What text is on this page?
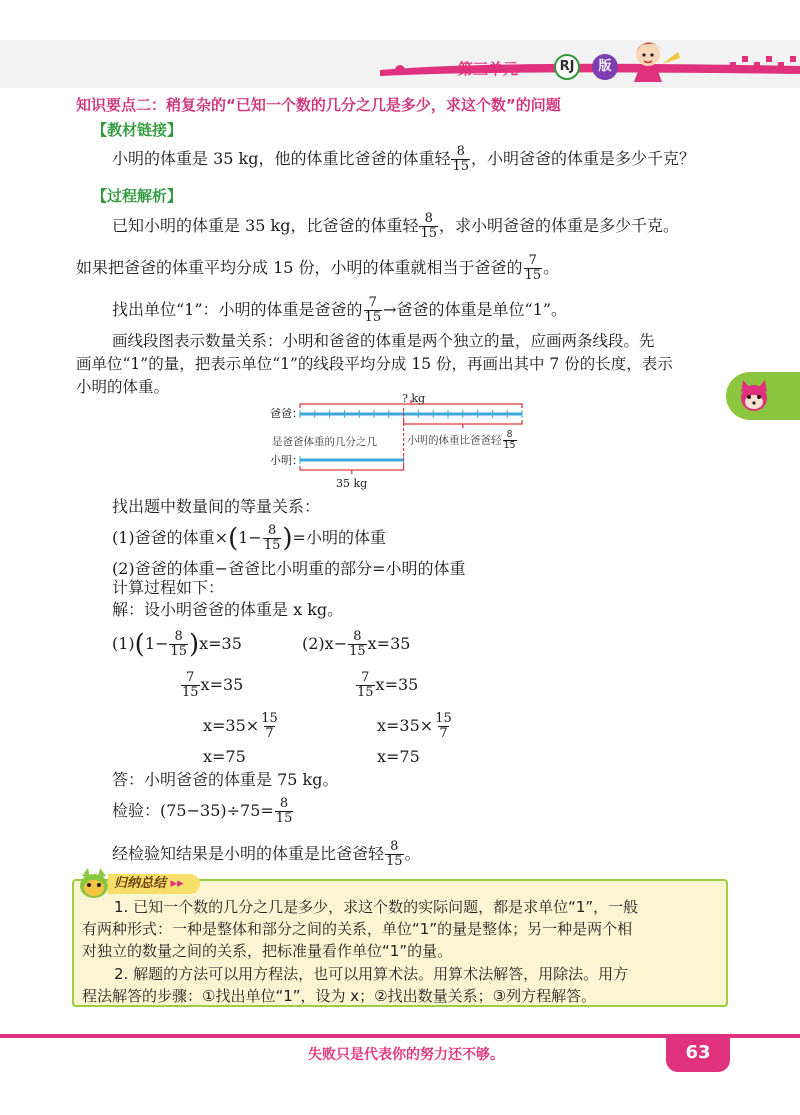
第三单元	RJ	版
知识要点二：稍复杂的“已知一个数的几分之几是多少，求这个数”的问题
【教材链接】
小明的体重是 35 kg，他的体重比爸爸的体重轻 $\frac{8}{15}$ ，小明爸爸的体重是多少千克？
【过程解析】
已知小明的体重是 35 kg，比爸爸的体重轻 $\frac{8}{15}$ ，求小明爸爸的体重是多少千克。
如果把爸爸的体重平均分成 15 份，小明的体重就相当于爸爸的 $\frac{7}{15}$ 。
找出单位“1”：小明的体重是爸爸的 $\frac{7}{15}$ →爸爸的体重是单位“1”。
画线段图表示数量关系：小明和爸爸的体重是两个独立的量，应画两条线段。先
画单位“1”的量，把表示单位“1”的线段平均分成 15 份，再画出其中 7 份的长度，表示
小明的体重。
爸爸：
小明：
? kg
是爸爸体重的几分之几	小明的体重比爸爸轻 $\frac{8}{15}$
35 kg
找出题中数量间的等量关系：
(1)爸爸的体重$\times(1- \frac{8}{15}$ )=小明的体重
(2)爸爸的体重−爸爸比小明重的部分=小明的体重
计算过程如下：
解：设小明爸爸的体重是 x kg。
$(1)(1- \frac{8}{15} )x=35$
$\frac{7}{15} x=35$
$x=35\times \frac{15}{7}$
x=75
$(2)x- \frac{8}{15} x=35$
$\frac{7}{15} x=35$
$x=35\times \frac{15}{7}$
x=75
答：小明爸爸的体重是 75 kg。
检验：$(75-35)\div 75= \frac{8}{15}$
经检验知结果是小明的体重是比爸爸轻 $\frac{8}{15}$ 。
归纳总结 ▸▸
1. 已知一个数的几分之几是多少，求这个数的实际问题，都是求单位“1”，一般
有两种形式：一种是整体和部分之间的关系，单位“1”的量是整体；另一种是两个相
对独立的数量之间的关系，把标准量看作单位“1”的量。
2. 解题的方法可以用方程法，也可以用算术法。用算术法解答，用除法。用方
程法解答的步骤：①找出单位“1”，设为 x；②找出数量关系；③列方程解答。
失败只是代表你的努力还不够。	63
